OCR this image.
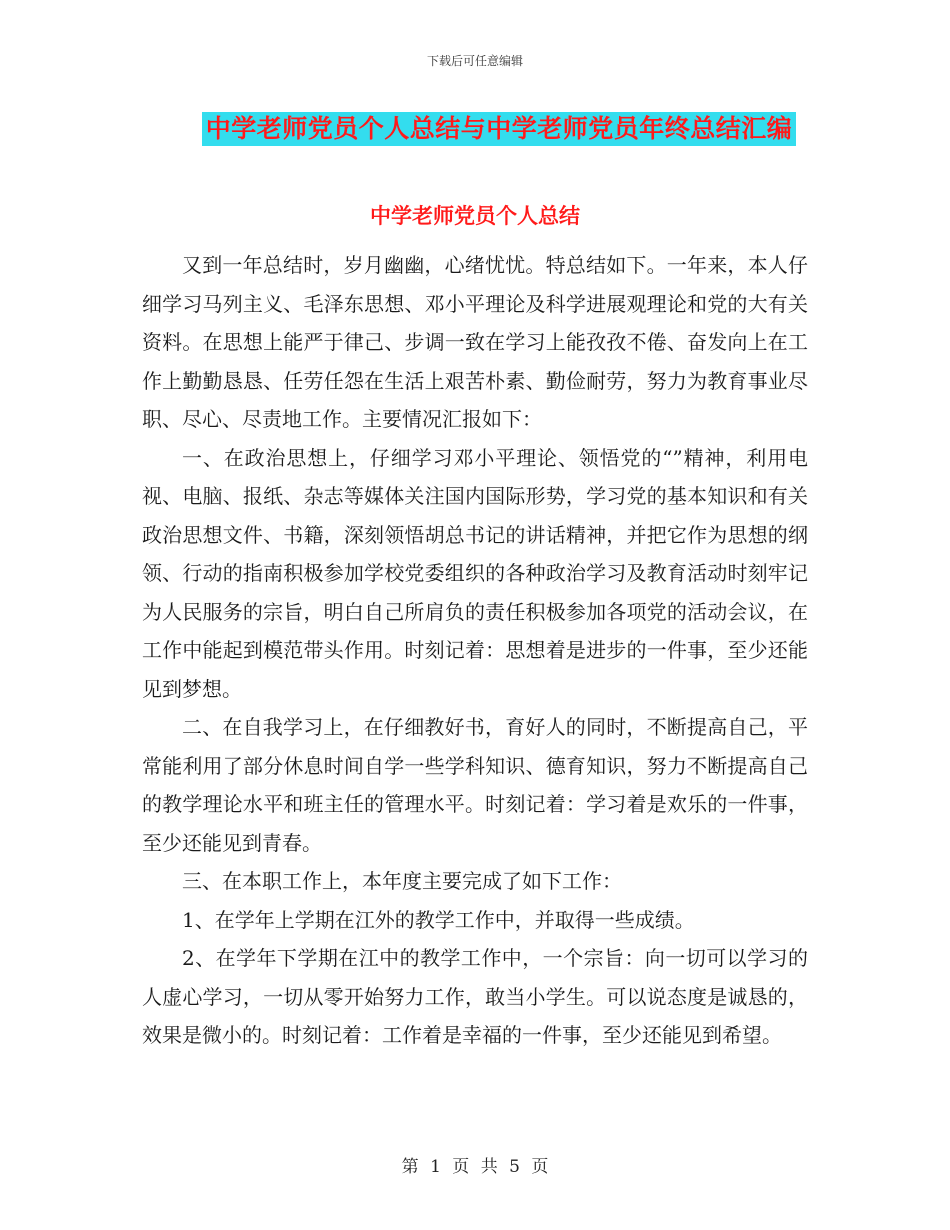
下载后可任意编辑
中学老师党员个人总结与中学老师党员年终总结汇编
中学老师党员个人总结

又到一年总结时，岁月幽幽，心绪忧忧。特总结如下。一年来，本人仔细学习马列主义、毛泽东思想、邓小平理论及科学进展观理论和党的大有关资料。在思想上能严于律己、步调一致在学习上能孜孜不倦、奋发向上在工作上勤勤恳恳、任劳任怨在生活上艰苦朴素、勤俭耐劳，努力为教育事业尽职、尽心、尽责地工作。主要情况汇报如下：

一、在政治思想上，仔细学习邓小平理论、领悟党的“”精神，利用电视、电脑、报纸、杂志等媒体关注国内国际形势，学习党的基本知识和有关政治思想文件、书籍，深刻领悟胡总书记的讲话精神，并把它作为思想的纲领、行动的指南积极参加学校党委组织的各种政治学习及教育活动时刻牢记为人民服务的宗旨，明白自己所肩负的责任积极参加各项党的活动会议，在工作中能起到模范带头作用。时刻记着：思想着是进步的一件事，至少还能见到梦想。

二、在自我学习上，在仔细教好书，育好人的同时，不断提高自己，平常能利用了部分休息时间自学一些学科知识、德育知识，努力不断提高自己的教学理论水平和班主任的管理水平。时刻记着：学习着是欢乐的一件事，至少还能见到青春。

三、在本职工作上，本年度主要完成了如下工作：

1、在学年上学期在江外的教学工作中，并取得一些成绩。

2、在学年下学期在江中的教学工作中，一个宗旨：向一切可以学习的人虚心学习，一切从零开始努力工作，敢当小学生。可以说态度是诚恳的，效果是微小的。时刻记着：工作着是幸福的一件事，至少还能见到希望。

第 1 页 共 5 页
